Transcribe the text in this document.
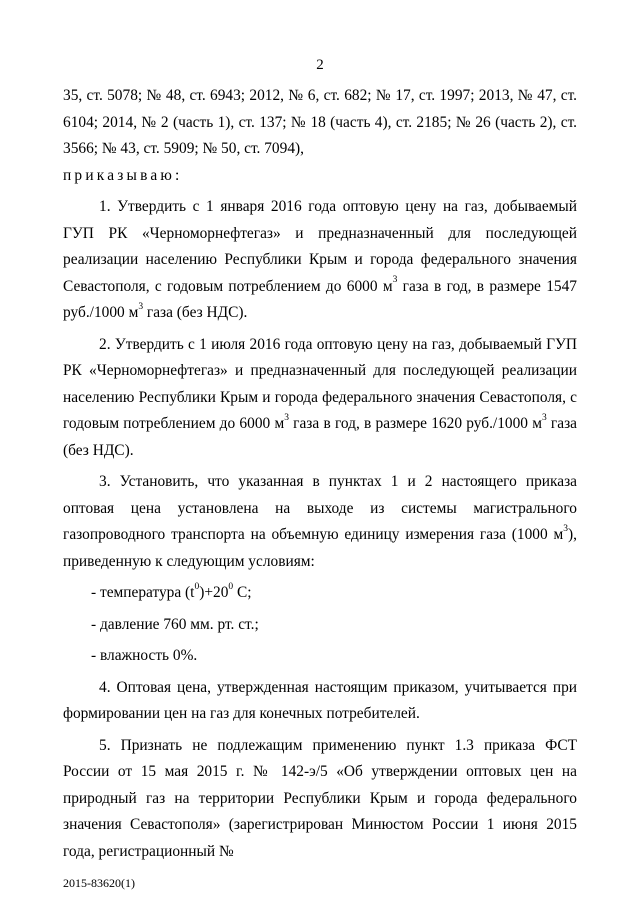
2

35, ст. 5078; № 48, ст. 6943; 2012, № 6, ст. 682; № 17, ст. 1997; 2013, № 47, ст. 6104; 2014, № 2 (часть 1), ст. 137; № 18 (часть 4), ст. 2185; № 26 (часть 2), ст. 3566; № 43, ст. 5909; № 50, ст. 7094),

приказываю:

1. Утвердить с 1 января 2016 года оптовую цену на газ, добываемый ГУП РК «Черноморнефтегаз» и предназначенный для последующей реализации населению Республики Крым и города федерального значения Севастополя, с годовым потреблением до 6000 $м^3$ газа в год, в размере 1547 руб./1000 $м^3$ газа (без НДС).

2. Утвердить с 1 июля 2016 года оптовую цену на газ, добываемый ГУП РК «Черноморнефтегаз» и предназначенный для последующей реализации населению Республики Крым и города федерального значения Севастополя, с годовым потреблением до 6000 $м^3$ газа в год, в размере 1620 руб./1000 $м^3$ газа (без НДС).

3. Установить, что указанная в пунктах 1 и 2 настоящего приказа оптовая цена установлена на выходе из системы магистрального газопроводного транспорта на объемную единицу измерения газа (1000 $м^3$), приведенную к следующим условиям:

- температура $(t^0)+20^0$ С;

- давление 760 мм. рт. ст.;

- влажность 0%.

4. Оптовая цена, утвержденная настоящим приказом, учитывается при формировании цен на газ для конечных потребителей.

5. Признать не подлежащим применению пункт 1.3 приказа ФСТ России от 15 мая 2015 г. № 142-э/5 «Об утверждении оптовых цен на природный газ на территории Республики Крым и города федерального значения Севастополя» (зарегистрирован Минюстом России 1 июня 2015 года, регистрационный №

2015-83620(1)
